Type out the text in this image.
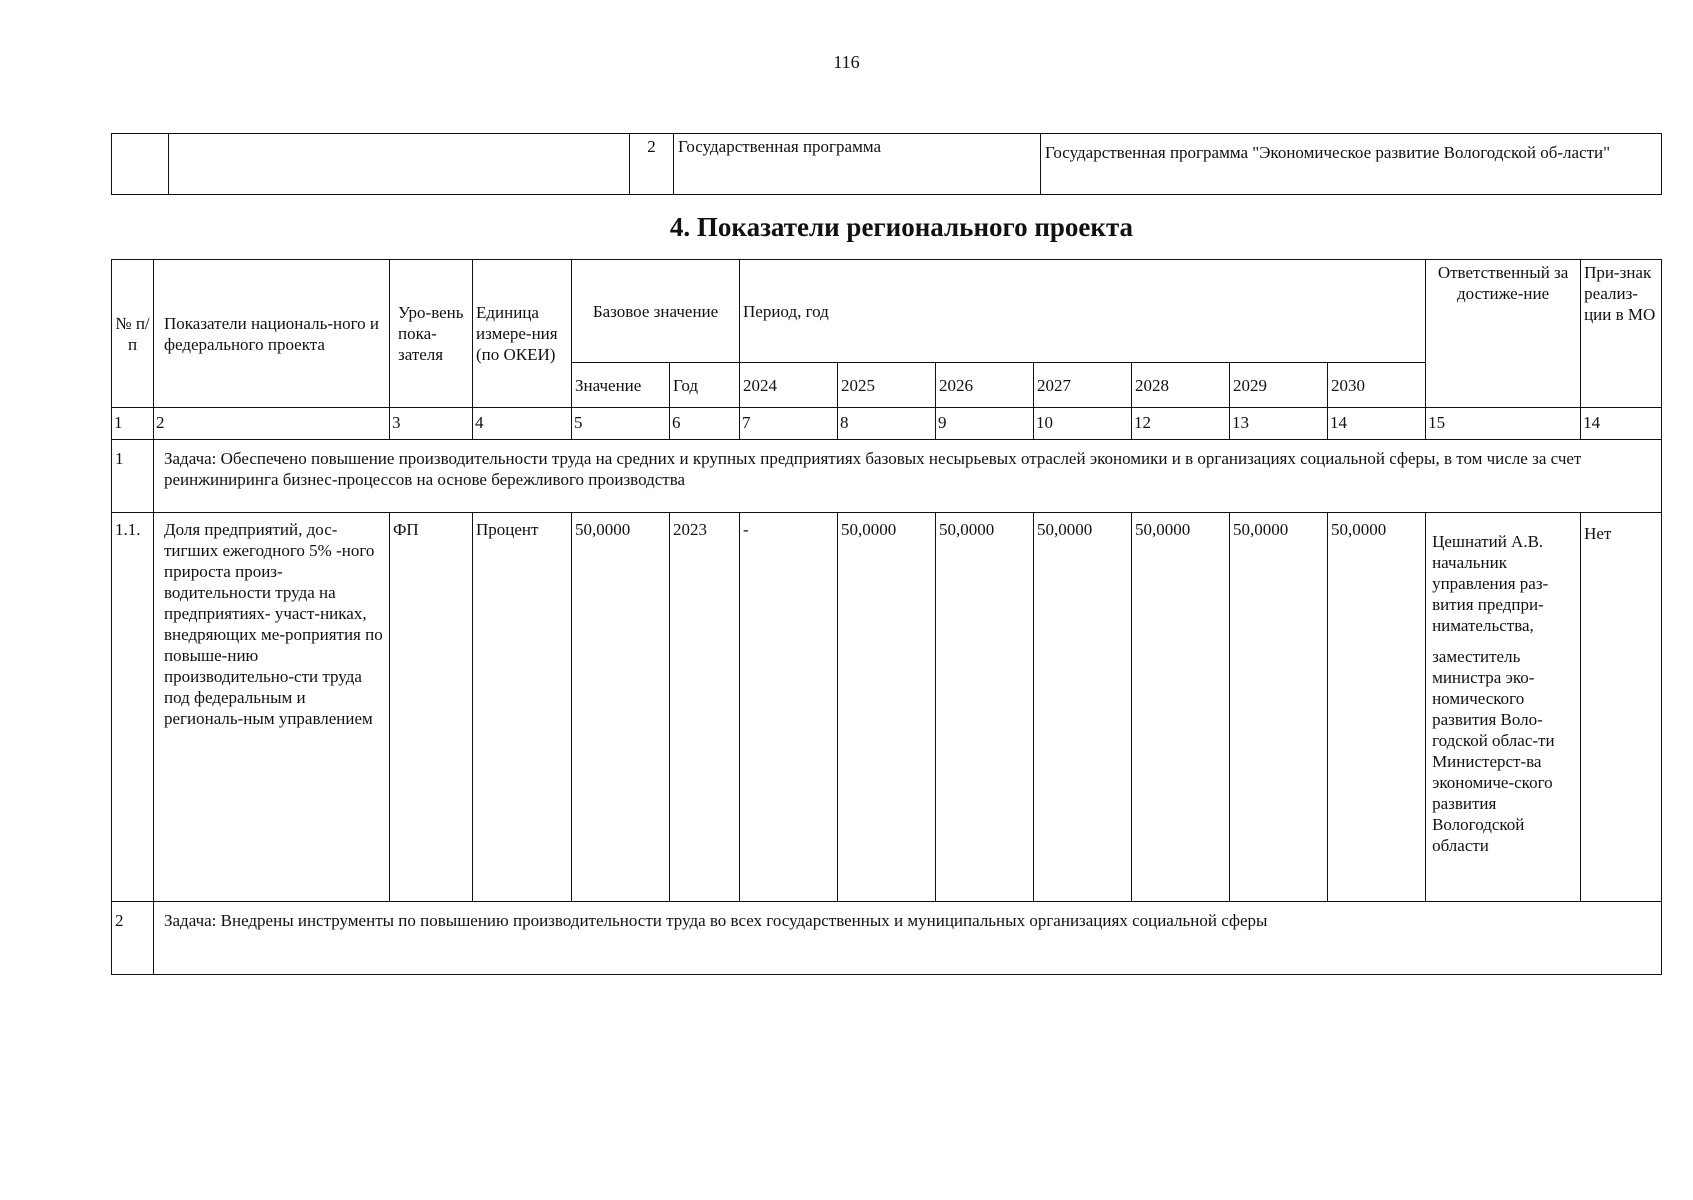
116
		2	Государственная программа	Государственная программа "Экономическое развитие Вологодской об-ласти"
4. Показатели регионального проекта
№ п/ п	Показатели националь-ного и федерального проекта	Уро-вень пока-зателя	Единица измере-ния (по ОКЕИ)	Базовое значение		Период, год							Ответственный за достиже-ние	При-знак реализ-ции в МО
				Значение	Год	2024	2025	2026	2027	2028	2029	2030		
1	2	3	4	5	6	7	8	9	10	12	13	14	15	14
1	Задача: Обеспечено повышение производительности труда на средних и крупных предприятиях базовых несырьевых отраслей экономики и в организациях социальной сферы, в том числе за счет реинжиниринга бизнес-процессов на основе бережливого производства													
1.1.	Доля предприятий, дос-тигших ежегодного 5% -ного прироста произ-водительности труда на предприятиях- участ-никах, внедряющих ме-роприятия по повыше-нию производительно-сти труда под федеральным и региональ-ным управлением	ФП	Процент	50,0000	2023	-	50,0000	50,0000	50,0000	50,0000	50,0000	50,0000	Цешнатий А.В. начальник управления раз-вития предпри-нимательства,

заместитель министра эко-номического развития Воло-годской облас-ти Министерст-ва экономиче-ского развития Вологодской области	Нет
2	Задача: Внедрены инструменты по повышению производительности труда во всех государственных и муниципальных организациях социальной сферы													
